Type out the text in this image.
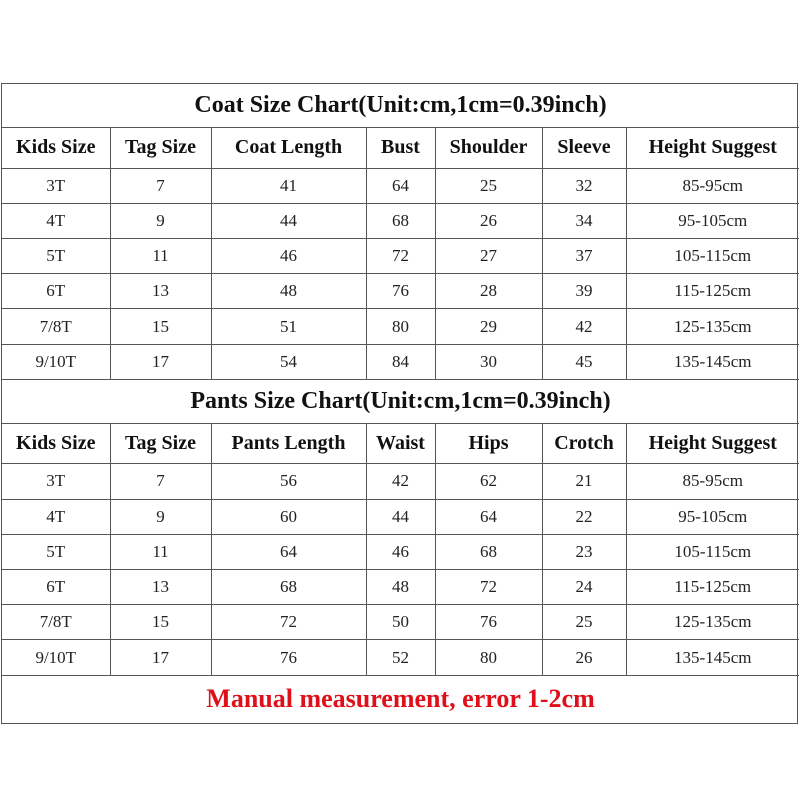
Coat Size Chart(Unit:cm,1cm=0.39inch)						
Kids Size	Tag Size	Coat Length	Bust	Shoulder	Sleeve	Height Suggest
3T	7	41	64	25	32	85-95cm
4T	9	44	68	26	34	95-105cm
5T	11	46	72	27	37	105-115cm
6T	13	48	76	28	39	115-125cm
7/8T	15	51	80	29	42	125-135cm
9/10T	17	54	84	30	45	135-145cm
Pants Size Chart(Unit:cm,1cm=0.39inch)						
Kids Size	Tag Size	Pants Length	Waist	Hips	Crotch	Height Suggest
3T	7	56	42	62	21	85-95cm
4T	9	60	44	64	22	95-105cm
5T	11	64	46	68	23	105-115cm
6T	13	68	48	72	24	115-125cm
7/8T	15	72	50	76	25	125-135cm
9/10T	17	76	52	80	26	135-145cm
Manual measurement, error 1-2cm						
